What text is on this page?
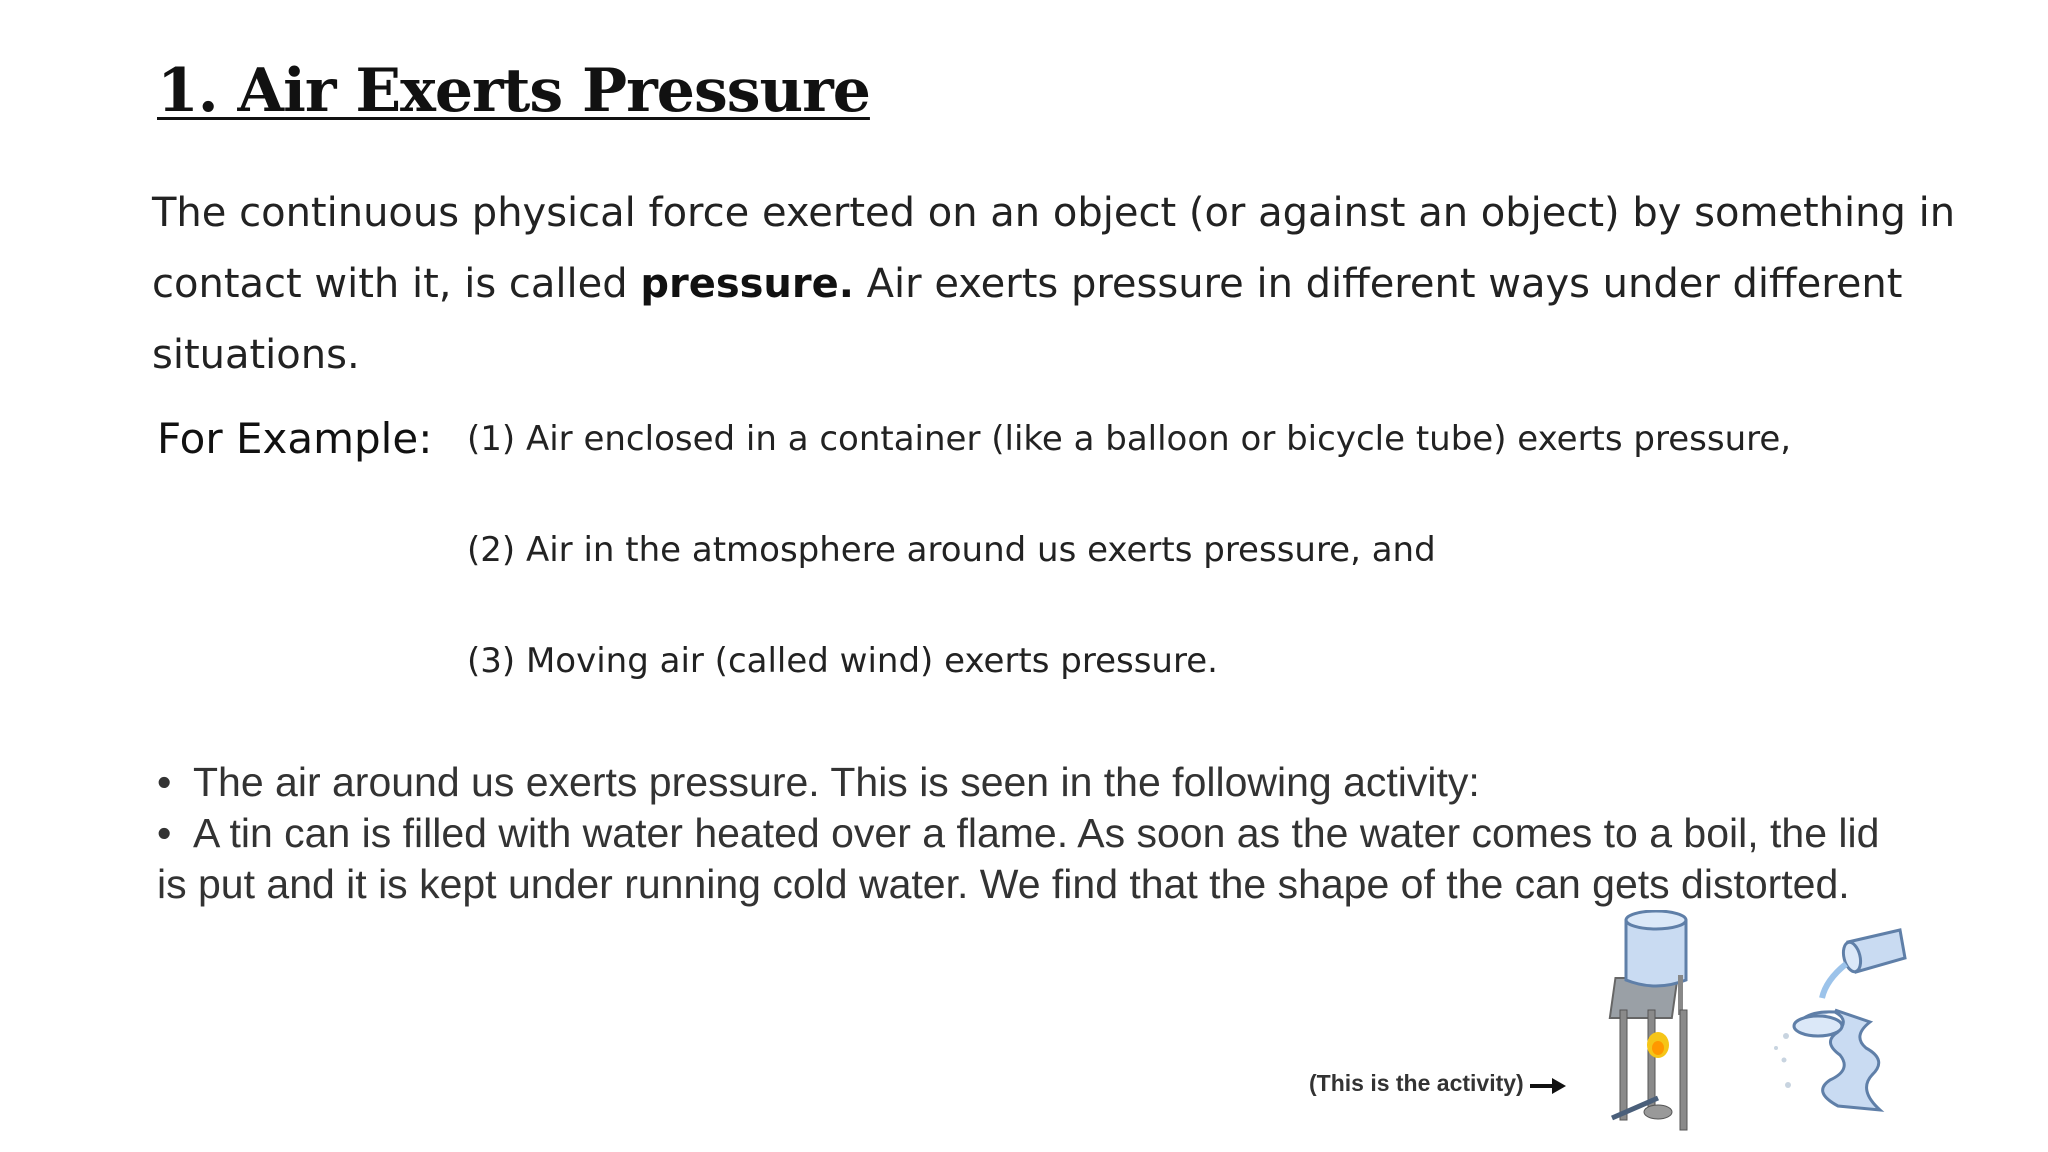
1. Air Exerts Pressure

The continuous physical force exerted on an object (or against an object) by something in contact with it, is called pressure. Air exerts pressure in different ways under different situations.

For Example: (1) Air enclosed in a container (like a balloon or bicycle tube) exerts pressure,
(2) Air in the atmosphere around us exerts pressure, and
(3) Moving air (called wind) exerts pressure.

• The air around us exerts pressure. This is seen in the following activity:

• A tin can is filled with water heated over a flame. As soon as the water comes to a boil, the lid is put and it is kept under running cold water. We find that the shape of the can gets distorted.

(This is the activity)
